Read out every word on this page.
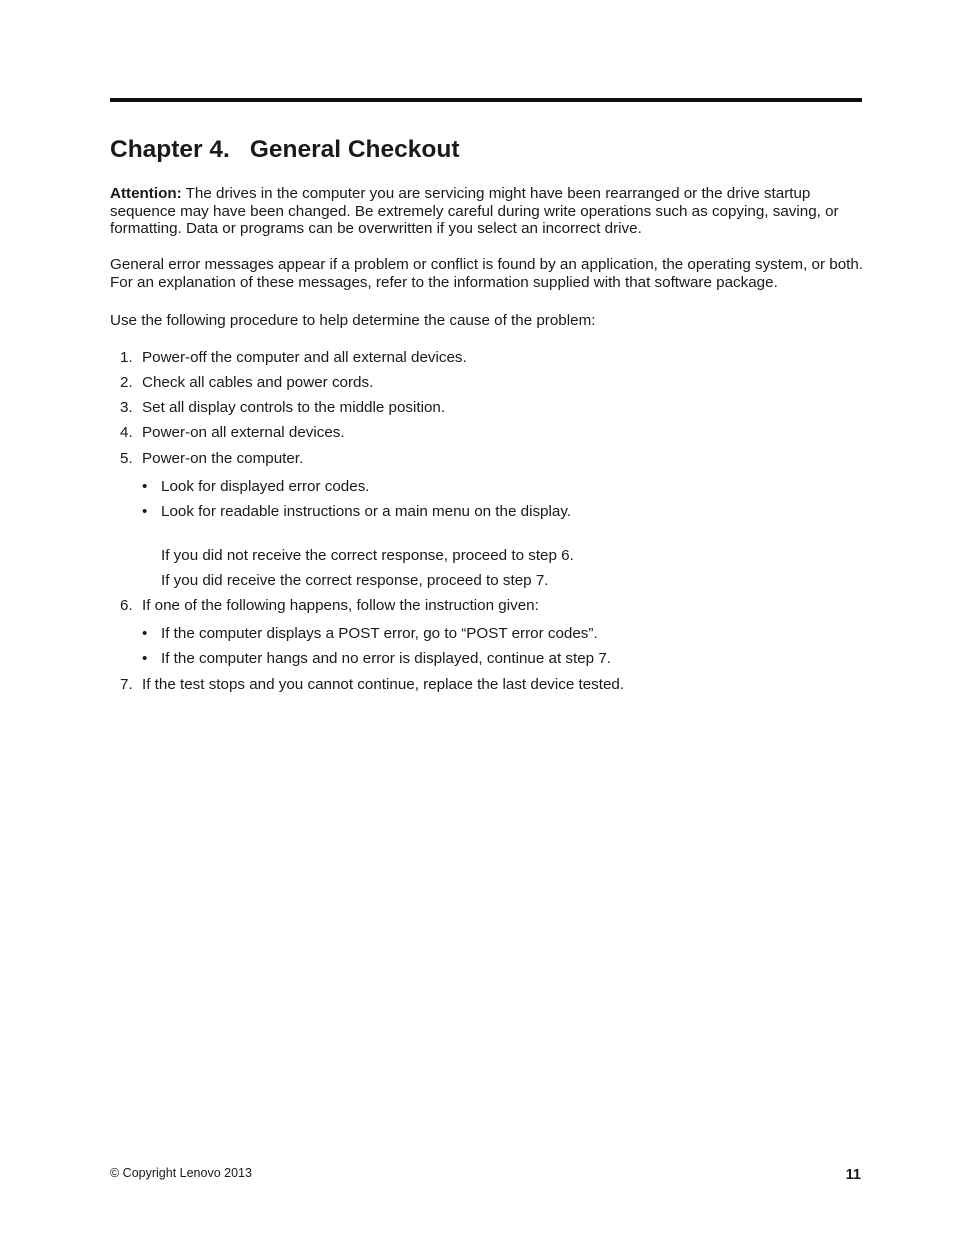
Chapter 4. General Checkout

Attention: The drives in the computer you are servicing might have been rearranged or the drive startup sequence may have been changed. Be extremely careful during write operations such as copying, saving, or formatting. Data or programs can be overwritten if you select an incorrect drive.

General error messages appear if a problem or conflict is found by an application, the operating system, or both. For an explanation of these messages, refer to the information supplied with that software package.

Use the following procedure to help determine the cause of the problem:

1. Power-off the computer and all external devices.
2. Check all cables and power cords.
3. Set all display controls to the middle position.
4. Power-on all external devices.
5. Power-on the computer.
• Look for displayed error codes.
• Look for readable instructions or a main menu on the display.
If you did not receive the correct response, proceed to step 6.
If you did receive the correct response, proceed to step 7.
6. If one of the following happens, follow the instruction given:
• If the computer displays a POST error, go to “POST error codes”.
• If the computer hangs and no error is displayed, continue at step 7.
7. If the test stops and you cannot continue, replace the last device tested.
© Copyright Lenovo 2013	11
